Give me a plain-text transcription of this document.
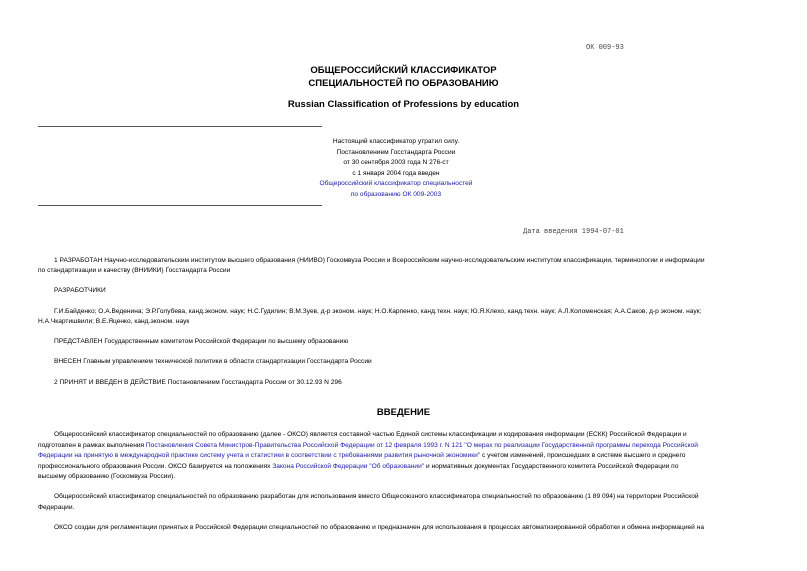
ОК 009-93
ОБЩЕРОССИЙСКИЙ КЛАССИФИКАТОР
СПЕЦИАЛЬНОСТЕЙ ПО ОБРАЗОВАНИЮ
Russian Classification of Professions by education
Настоящий классификатор утратил силу.
Постановлением Госстандарта России
от 30 сентября 2003 года N 276-ст
с 1 января 2004 года введен
Общероссийский классификатор специальностей
по образованию ОК 009-2003
Дата введения 1994-07-01
1 РАЗРАБОТАН Научно-исследовательским институтом высшего образования (НИИВО) Госкомвуза России и Всероссийским научно-исследовательским институтом классификации, терминологии и информации
по стандартизации и качеству (ВНИИКИ) Госстандарта России
РАЗРАБОТЧИКИ
Г.И.Байденко; О.А.Веденина; Э.Р.Голубева, канд.эконом. наук; Н.С.Гудилин; В.М.Зуев, д-р эконом. наук; Н.О.Карпенко, канд.техн. наук; Ю.Я.Клехо, канд.техн. наук; А.Л.Коломенская; А.А.Саков, д-р эконом. наук;
Н.А.Чкартишвили; В.Е.Яценко, канд.эконом. наук
ПРЕДСТАВЛЕН Государственным комитетом Российской Федерации по высшему образованию
ВНЕСЕН Главным управлением технической политики в области стандартизации Госстандарта России
2 ПРИНЯТ И ВВЕДЕН В ДЕЙСТВИЕ Постановлением Госстандарта России от 30.12.93 N 296
ВВЕДЕНИЕ
Общероссийский классификатор специальностей по образованию (далее - ОКСО) является составной частью Единой системы классификации и кодирования информации (ЕСКК) Российской Федерации и
подготовлен в рамках выполнения Постановления Совета Министров-Правительства Российской Федерации от 12 февраля 1993 г. N 121 "О мерах по реализации Государственной программы перехода Российской
Федерации на принятую в международной практике систему учета и статистики в соответствии с требованиями развития рыночной экономики" с учетом изменений, происшедших в системе высшего и среднего
профессионального образования России. ОКСО базируется на положениях Закона Российской Федерации "Об образовании" и нормативных документах Государственного комитета Российской Федерации по
высшему образованию (Госкомвуза России).
Общероссийский классификатор специальностей по образованию разработан для использования вместо Общесоюзного классификатора специальностей по образованию (1 89 094) на территории Российской
Федерации.
ОКСО создан для регламентации принятых в Российской Федерации специальностей по образованию и предназначен для использования в процессах автоматизированной обработки и обмена информацией на
